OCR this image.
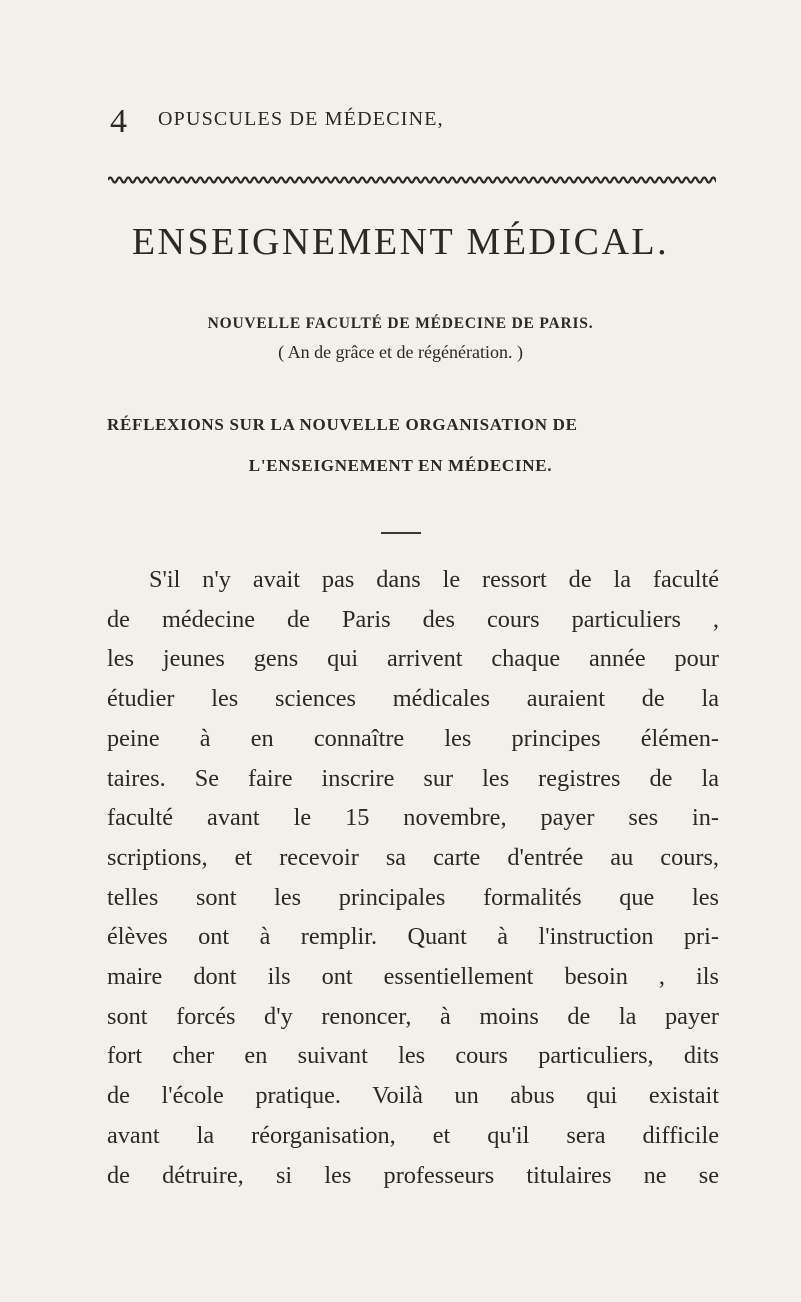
4 OPUSCULES DE MÉDECINE,
ENSEIGNEMENT MÉDICAL.
NOUVELLE FACULTÉ DE MÉDECINE DE PARIS.
( An de grâce et de régénération. )
RÉFLEXIONS SUR LA NOUVELLE ORGANISATION DE
L'ENSEIGNEMENT EN MÉDECINE.
S'il n'y avait pas dans le ressort de la faculté
de médecine de Paris des cours particuliers ,
les jeunes gens qui arrivent chaque année pour
étudier les sciences médicales auraient de la
peine à en connaître les principes élémen-
taires. Se faire inscrire sur les registres de la
faculté avant le 15 novembre, payer ses in-
scriptions, et recevoir sa carte d'entrée au cours,
telles sont les principales formalités que les
élèves ont à remplir. Quant à l'instruction pri-
maire dont ils ont essentiellement besoin , ils
sont forcés d'y renoncer, à moins de la payer
fort cher en suivant les cours particuliers, dits
de l'école pratique. Voilà un abus qui existait
avant la réorganisation, et qu'il sera difficile
de détruire, si les professeurs titulaires ne se
